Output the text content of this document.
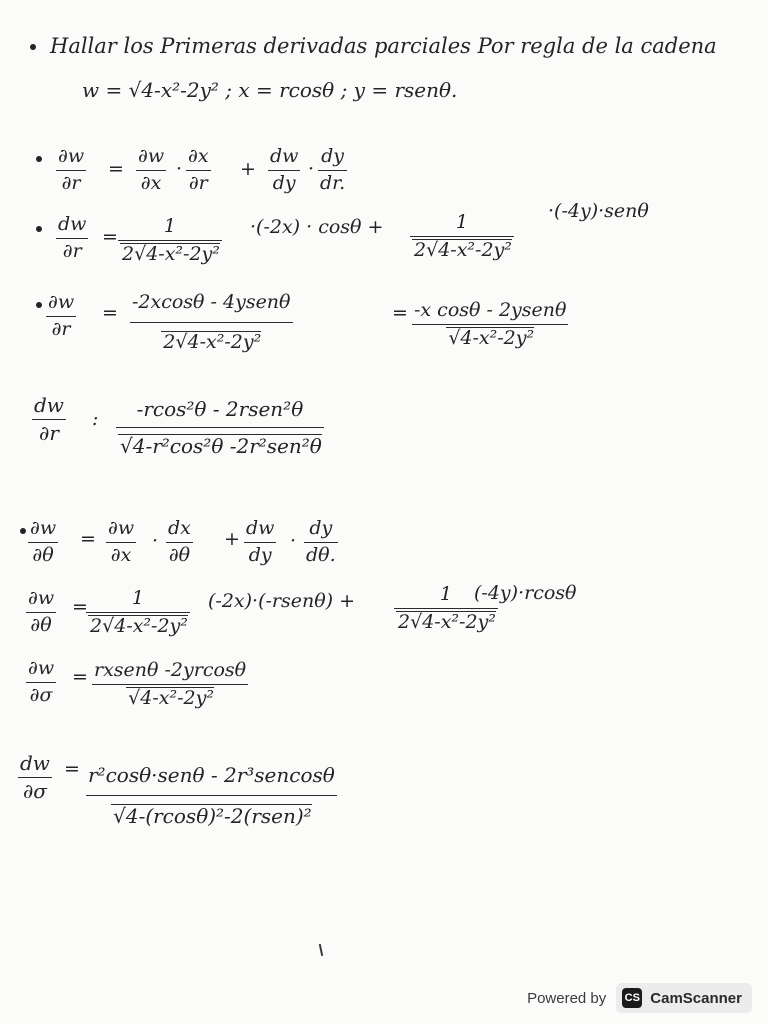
Hallar los Primeras derivadas parciales Por regla de la cadena
w = √4-x²-2y² ; x = rcosθ ; y = rsenθ.
∂w
∂r
=
∂w
∂x
·
∂x
∂r
+
dw
dy
·
dy
dr.
dw
∂r
= 1
2√4-x²-2y²
·(-2x) · cosθ +	1
2√4-x²-2y²
·(-4y)·senθ
∂w
∂r
= -2xcosθ - 4ysenθ
2√4-x²-2y²
= -x cosθ - 2ysenθ
√4-x²-2y²
dw
∂r
: -rcos²θ - 2rsen²θ
√4-r²cos²θ -2r²sen²θ
∂w
∂θ
= ∂w
∂x
·
dx
∂θ
+ dw
dy
·
dy
dθ.
∂w
∂θ
= 1
2√4-x²-2y²
(-2x)·(-rsenθ) +	1
2√4-x²-2y²
(-4y)·rcosθ
∂w
∂σ
= rxsenθ -2yrcosθ
√4-x²-2y²
dw
∂σ
= r²cosθ·senθ - 2r³sencosθ
√4-(rcosθ)²-2(rsen)²
Powered by CS CamScanner
